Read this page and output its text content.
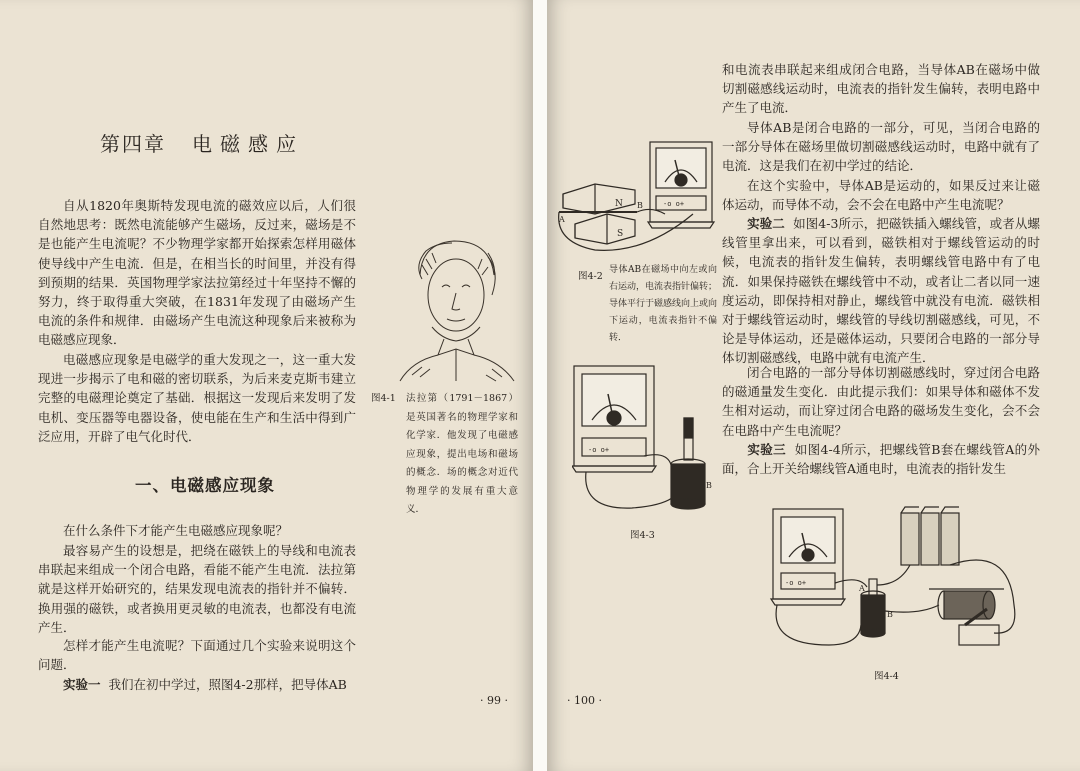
第四章 电磁感应

自从1820年奥斯特发现电流的磁效应以后，人们很自然地思考：既然电流能够产生磁场，反过来，磁场是不是也能产生电流呢？不少物理学家都开始探索怎样用磁体使导线中产生电流．但是，在相当长的时间里，并没有得到预期的结果．英国物理学家法拉第经过十年坚持不懈的努力，终于取得重大突破，在1831年发现了由磁场产生电流的条件和规律．由磁场产生电流这种现象后来被称为电磁感应现象．

电磁感应现象是电磁学的重大发现之一，这一重大发现进一步揭示了电和磁的密切联系，为后来麦克斯韦建立完整的电磁理论奠定了基础．根据这一发现后来发明了发电机、变压器等电器设备，使电能在生产和生活中得到广泛应用，开辟了电气化时代．

一、电磁感应现象

在什么条件下才能产生电磁感应现象呢？

最容易产生的设想是，把绕在磁铁上的导线和电流表串联起来组成一个闭合电路，看能不能产生电流．法拉第就是这样开始研究的，结果发现电流表的指针并不偏转．换用强的磁铁，或者换用更灵敏的电流表，也都没有电流产生．

怎样才能产生电流呢？下面通过几个实验来说明这个问题．

实验一 我们在初中学过，照图4-2那样，把导体AB

图4-1 法拉第（1791－1867）是英国著名的物理学家和化学家．他发现了电磁感应现象，提出电场和磁场的概念．场的概念对近代物理学的发展有重大意义．

· 99 ·

和电流表串联起来组成闭合电路，当导体AB在磁场中做切割磁感线运动时，电流表的指针发生偏转，表明电路中产生了电流．

导体AB是闭合电路的一部分，可见，当闭合电路的一部分导体在磁场里做切割磁感线运动时，电路中就有了电流．这是我们在初中学过的结论．

在这个实验中，导体AB是运动的，如果反过来让磁体运动，而导体不动，会不会在电路中产生电流呢？

实验二 如图4-3所示，把磁铁插入螺线管，或者从螺线管里拿出来，可以看到，磁铁相对于螺线管运动的时候，电流表的指针发生偏转，表明螺线管电路中有了电流．如果保持磁铁在螺线管中不动，或者让二者以同一速度运动，即保持相对静止，螺线管中就没有电流．磁铁相对于螺线管运动时，螺线管的导线切割磁感线，可见，不论是导体运动，还是磁体运动，只要闭合电路的一部分导体切割磁感线，电路中就有电流产生．

闭合电路的一部分导体切割磁感线时，穿过闭合电路的磁通量发生变化．由此提示我们：如果导体和磁体不发生相对运动，而让穿过闭合电路的磁场发生变化，会不会在电路中产生电流呢？

实验三 如图4-4所示，把螺线管B套在螺线管A的外面，合上开关给螺线管A通电时，电流表的指针发生

N
S
A
B	-o o+
图4-2

导体AB在磁场中向左或向右运动，电流表指针偏转；导体平行于磁感线向上或向下运动，电流表指针不偏转．

-o o+
B
图4-3
-o o+
A
B
图4-4
· 100 ·
